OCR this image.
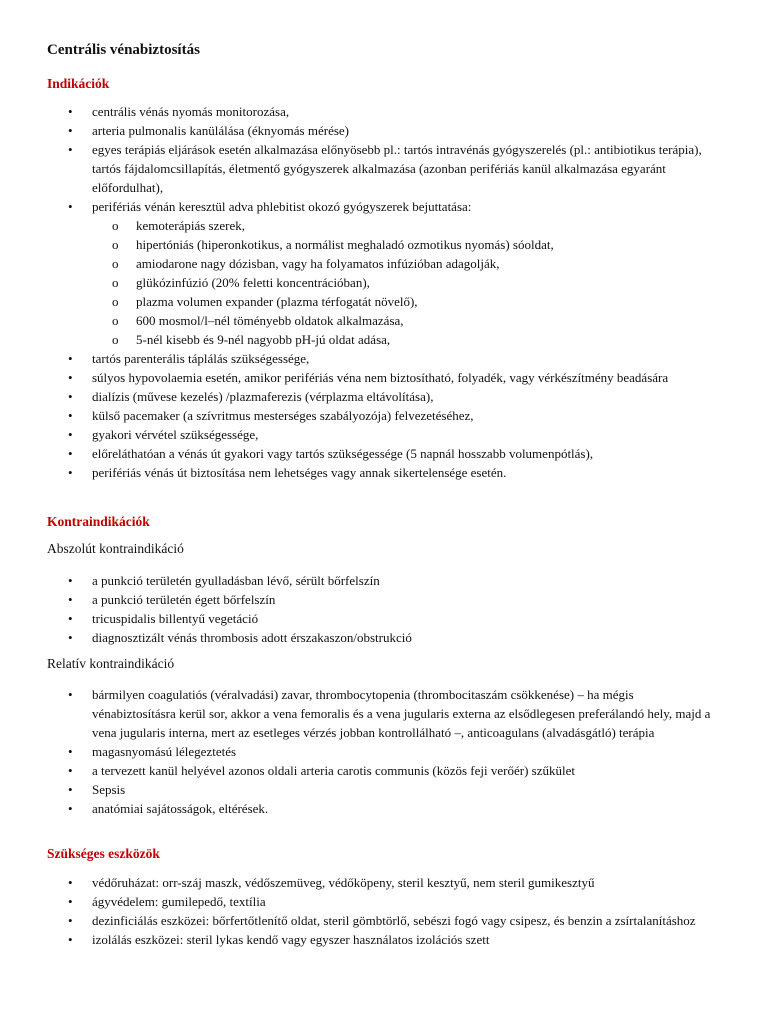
Centrális vénabiztosítás
Indikációk
• centrális vénás nyomás monitorozása,
• arteria pulmonalis kanülálása (éknyomás mérése)
• egyes terápiás eljárások esetén alkalmazása előnyösebb pl.: tartós intravénás gyógyszerelés (pl.: antibiotikus terápia), tartós fájdalomcsillapítás, életmentő gyógyszerek alkalmazása (azonban perifériás kanül alkalmazása egyaránt előfordulhat),
• perifériás vénán keresztül adva phlebitist okozó gyógyszerek bejuttatása:
o kemoterápiás szerek,
o hipertóniás (hiperonkotikus, a normálist meghaladó ozmotikus nyomás) sóoldat,
o amiodarone nagy dózisban, vagy ha folyamatos infúzióban adagolják,
o glükózinfúzió (20% feletti koncentrációban),
o plazma volumen expander (plazma térfogatát növelő),
o 600 mosmol/l–nél töményebb oldatok alkalmazása,
o 5-nél kisebb és 9-nél nagyobb pH-jú oldat adása,
• tartós parenterális táplálás szükségessége,
• súlyos hypovolaemia esetén, amikor perifériás véna nem biztosítható, folyadék, vagy vérkészítmény beadására
• dialízis (művese kezelés) /plazmaferezis (vérplazma eltávolítása),
• külső pacemaker (a szívritmus mesterséges szabályozója) felvezetéséhez,
• gyakori vérvétel szükségessége,
• előreláthatóan a vénás út gyakori vagy tartós szükségessége (5 napnál hosszabb volumenpótlás),
• perifériás vénás út biztosítása nem lehetséges vagy annak sikertelensége esetén.
Kontraindikációk
Abszolút kontraindikáció
• a punkció területén gyulladásban lévő, sérült bőrfelszín
• a punkció területén égett bőrfelszín
• tricuspidalis billentyű vegetáció
• diagnosztizált vénás thrombosis adott érszakaszon/obstrukció
Relatív kontraindikáció
• bármilyen coagulatiós (véralvadási) zavar, thrombocytopenia (thrombocitaszám csökkenése) – ha mégis vénabiztosításra kerül sor, akkor a vena femoralis és a vena jugularis externa az elsődlegesen preferálandó hely, majd a vena jugularis interna, mert az esetleges vérzés jobban kontrollálható –, anticoagulans (alvadásgátló) terápia
• magasnyomású lélegeztetés
• a tervezett kanül helyével azonos oldali arteria carotis communis (közös feji verőér) szűkület
• Sepsis
• anatómiai sajátosságok, eltérések.
Szükséges eszközök
• védőruházat: orr-száj maszk, védőszemüveg, védőköpeny, steril kesztyű, nem steril gumikesztyű
• ágyvédelem: gumilepedő, textília
• dezinficiálás eszközei: bőrfertőtlenítő oldat, steril gömbtörlő, sebészi fogó vagy csipesz, és benzin a zsírtalanításhoz
• izolálás eszközei: steril lykas kendő vagy egyszer használatos izolációs szett
